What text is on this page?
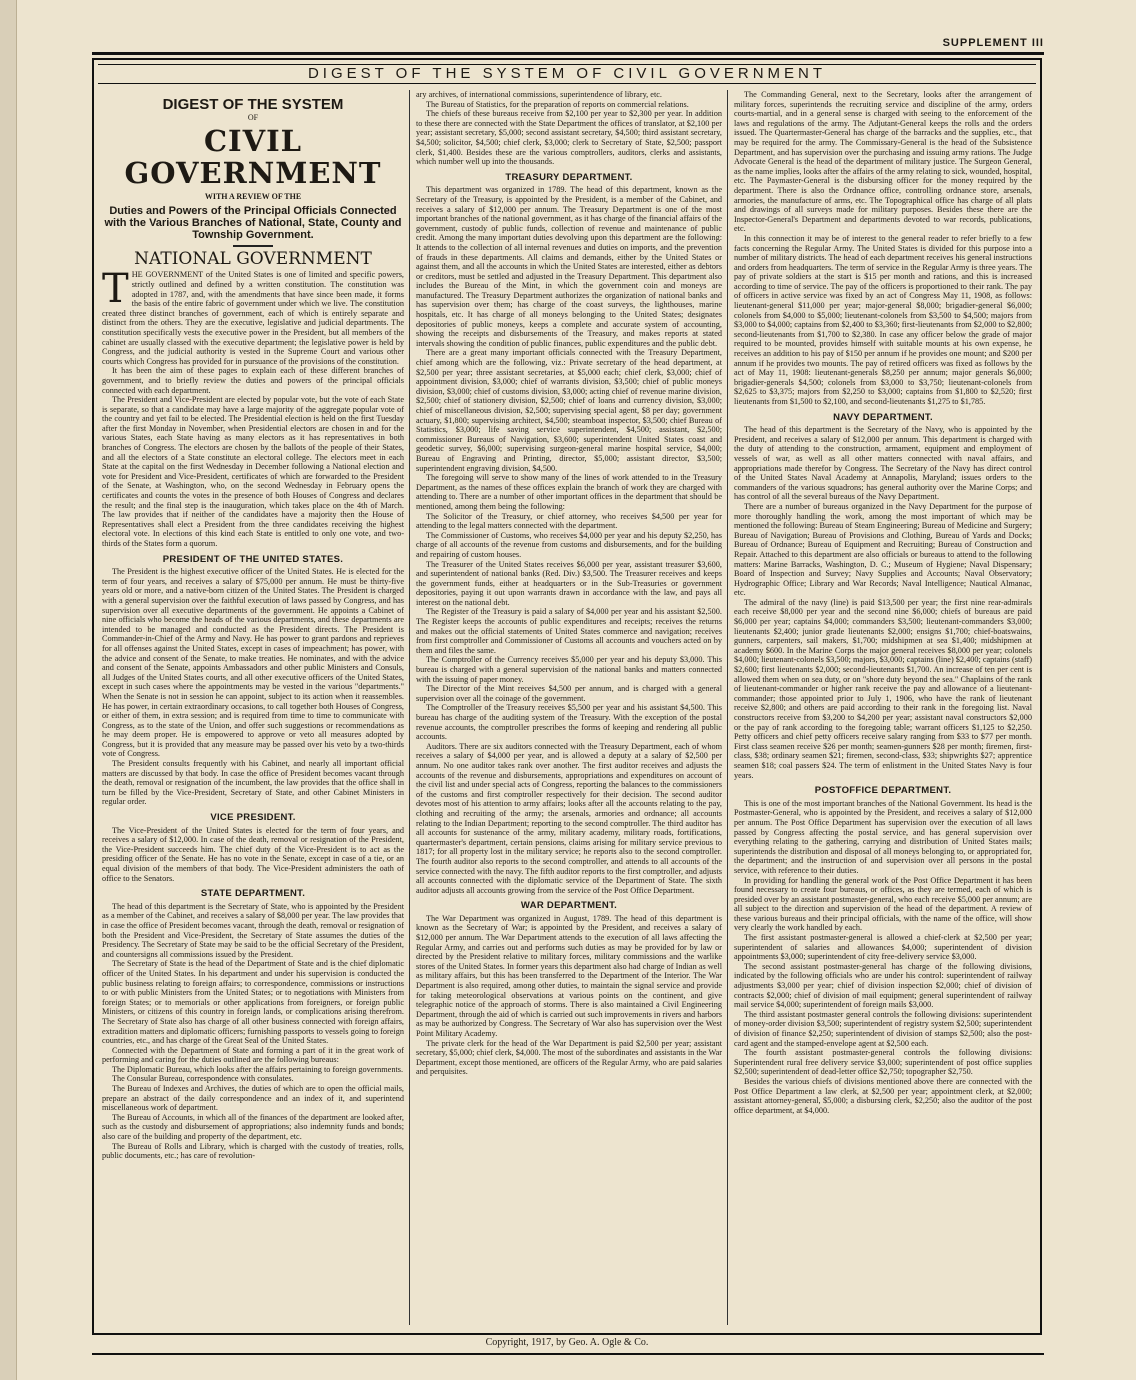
SUPPLEMENT III
DIGEST OF THE SYSTEM OF CIVIL GOVERNMENT
DIGEST OF THE SYSTEM
OF
CIVIL GOVERNMENT
WITH A REVIEW OF THE
Duties and Powers of the Principal Officials Connected with the Various Branches of National, State, County and Township Government.
NATIONAL GOVERNMENT

THE GOVERNMENT of the United States is one of limited and specific powers, strictly outlined and defined by a written constitution. The constitution was adopted in 1787, and, with the amendments that have since been made, it forms the basis of the entire fabric of government under which we live. The constitution created three distinct branches of government, each of which is entirely separate and distinct from the others. They are the executive, legislative and judicial departments. The constitution specifically vests the executive power in the President, but all members of the cabinet are usually classed with the executive department; the legislative power is held by Congress, and the judicial authority is vested in the Supreme Court and various other courts which Congress has provided for in pursuance of the provisions of the constitution.

It has been the aim of these pages to explain each of these different branches of government, and to briefly review the duties and powers of the principal officials connected with each department.

The President and Vice-President are elected by popular vote, but the vote of each State is separate, so that a candidate may have a large majority of the aggregate popular vote of the country and yet fail to be elected. The Presidential election is held on the first Tuesday after the first Monday in November, when Presidential electors are chosen in and for the various States, each State having as many electors as it has representatives in both branches of Congress. The electors are chosen by the ballots of the people of their States, and all the electors of a State constitute an electoral college. The electors meet in each State at the capital on the first Wednesday in December following a National election and vote for President and Vice-President, certificates of which are forwarded to the President of the Senate, at Washington, who, on the second Wednesday in February opens the certificates and counts the votes in the presence of both Houses of Congress and declares the result; and the final step is the inauguration, which takes place on the 4th of March. The law provides that if neither of the candidates have a majority then the House of Representatives shall elect a President from the three candidates receiving the highest electoral vote. In elections of this kind each State is entitled to only one vote, and two-thirds of the States form a quorum.

PRESIDENT OF THE UNITED STATES.

The President is the highest executive officer of the United States. He is elected for the term of four years, and receives a salary of $75,000 per annum. He must be thirty-five years old or more, and a native-born citizen of the United States. The President is charged with a general supervision over the faithful execution of laws passed by Congress, and has supervision over all executive departments of the government. He appoints a Cabinet of nine officials who become the heads of the various departments, and these departments are intended to be managed and conducted as the President directs. The President is Commander-in-Chief of the Army and Navy. He has power to grant pardons and reprieves for all offenses against the United States, except in cases of impeachment; has power, with the advice and consent of the Senate, to make treaties. He nominates, and with the advice and consent of the Senate, appoints Ambassadors and other public Ministers and Consuls, all Judges of the United States courts, and all other executive officers of the United States, except in such cases where the appointments may be vested in the various "departments." When the Senate is not in session he can appoint, subject to its action when it reassembles. He has power, in certain extraordinary occasions, to call together both Houses of Congress, or either of them, in extra session; and is required from time to time to communicate with Congress, as to the state of the Union, and offer such suggestions or recommendations as he may deem proper. He is empowered to approve or veto all measures adopted by Congress, but it is provided that any measure may be passed over his veto by a two-thirds vote of Congress.

The President consults frequently with his Cabinet, and nearly all important official matters are discussed by that body. In case the office of President becomes vacant through the death, removal or resignation of the incumbent, the law provides that the office shall in turn be filled by the Vice-President, Secretary of State, and other Cabinet Ministers in regular order.

VICE PRESIDENT.

The Vice-President of the United States is elected for the term of four years, and receives a salary of $12,000. In case of the death, removal or resignation of the President, the Vice-President succeeds him. The chief duty of the Vice-President is to act as the presiding officer of the Senate. He has no vote in the Senate, except in case of a tie, or an equal division of the members of that body. The Vice-President administers the oath of office to the Senators.

STATE DEPARTMENT.

The head of this department is the Secretary of State, who is appointed by the President as a member of the Cabinet, and receives a salary of $8,000 per year. The law provides that in case the office of President becomes vacant, through the death, removal or resignation of both the President and Vice-President, the Secretary of State assumes the duties of the Presidency. The Secretary of State may be said to be the official Secretary of the President, and countersigns all commissions issued by the President.

The Secretary of State is the head of the Department of State and is the chief diplomatic officer of the United States. In his department and under his supervision is conducted the public business relating to foreign affairs; to correspondence, commissions or instructions to or with public Ministers from the United States; or to negotiations with Ministers from foreign States; or to memorials or other applications from foreigners, or foreign public Ministers, or citizens of this country in foreign lands, or complications arising therefrom. The Secretary of State also has charge of all other business connected with foreign affairs, extradition matters and diplomatic officers; furnishing passports to vessels going to foreign countries, etc., and has charge of the Great Seal of the United States.

Connected with the Department of State and forming a part of it in the great work of performing and caring for the duties outlined are the following bureaus:

The Diplomatic Bureau, which looks after the affairs pertaining to foreign governments.

The Consular Bureau, correspondence with consulates.

The Bureau of Indexes and Archives, the duties of which are to open the official mails, prepare an abstract of the daily correspondence and an index of it, and superintend miscellaneous work of department.

The Bureau of Accounts, in which all of the finances of the department are looked after, such as the custody and disbursement of appropriations; also indemnity funds and bonds; also care of the building and property of the department, etc.

The Bureau of Rolls and Library, which is charged with the custody of treaties, rolls, public documents, etc.; has care of revolution-

ary archives, of international commissions, superintendence of library, etc.

The Bureau of Statistics, for the preparation of reports on commercial relations.

The chiefs of these bureaus receive from $2,100 per year to $2,300 per year. In addition to these there are connected with the State Department the offices of translator, at $2,100 per year; assistant secretary, $5,000; second assistant secretary, $4,500; third assistant secretary, $4,500; solicitor, $4,500; chief clerk, $3,000; clerk to Secretary of State, $2,500; passport clerk, $1,400. Besides these are the various comptrollers, auditors, clerks and assistants, which number well up into the thousands.

TREASURY DEPARTMENT.

This department was organized in 1789. The head of this department, known as the Secretary of the Treasury, is appointed by the President, is a member of the Cabinet, and receives a salary of $12,000 per annum. The Treasury Department is one of the most important branches of the national government, as it has charge of the financial affairs of the government, custody of public funds, collection of revenue and maintenance of public credit. Among the many important duties devolving upon this department are the following: It attends to the collection of all internal revenues and duties on imports, and the prevention of frauds in these departments. All claims and demands, either by the United States or against them, and all the accounts in which the United States are interested, either as debtors or creditors, must be settled and adjusted in the Treasury Department. This department also includes the Bureau of the Mint, in which the government coin and moneys are manufactured. The Treasury Department authorizes the organization of national banks and has supervision over them; has charge of the coast surveys, the lighthouses, marine hospitals, etc. It has charge of all moneys belonging to the United States; designates depositories of public moneys, keeps a complete and accurate system of accounting, showing the receipts and disbursements of the Treasury, and makes reports at stated intervals showing the condition of public finances, public expenditures and the public debt.

There are a great many important officials connected with the Treasury Department, chief among which are the following, viz.: Private secretary of the head department, at $2,500 per year; three assistant secretaries, at $5,000 each; chief clerk, $3,000; chief of appointment division, $3,000; chief of warrants division, $3,500; chief of public moneys division, $3,000; chief of customs division, $3,000; acting chief of revenue marine division, $2,500; chief of stationery division, $2,500; chief of loans and currency division, $3,000; chief of miscellaneous division, $2,500; supervising special agent, $8 per day; government actuary, $1,800; supervising architect, $4,500; steamboat inspector, $3,500; chief Bureau of Statistics, $3,000; life saving service superintendent, $4,500; assistant, $2,500; commissioner Bureaus of Navigation, $3,600; superintendent United States coast and geodetic survey, $6,000; supervising surgeon-general marine hospital service, $4,000; Bureau of Engraving and Printing, director, $5,000; assistant director, $3,500; superintendent engraving division, $4,500.

The foregoing will serve to show many of the lines of work attended to in the Treasury Department, as the names of these offices explain the branch of work they are charged with attending to. There are a number of other important offices in the department that should be mentioned, among them being the following:

The Solicitor of the Treasury, or chief attorney, who receives $4,500 per year for attending to the legal matters connected with the department.

The Commissioner of Customs, who receives $4,000 per year and his deputy $2,250, has charge of all accounts of the revenue from customs and disbursements, and for the building and repairing of custom houses.

The Treasurer of the United States receives $6,000 per year, assistant treasurer $3,600, and superintendent of national banks (Red. Div.) $3,500. The Treasurer receives and keeps the government funds, either at headquarters or in the Sub-Treasuries or government depositories, paying it out upon warrants drawn in accordance with the law, and pays all interest on the national debt.

The Register of the Treasury is paid a salary of $4,000 per year and his assistant $2,500. The Register keeps the accounts of public expenditures and receipts; receives the returns and makes out the official statements of United States commerce and navigation; receives from first comptroller and Commissioner of Customs all accounts and vouchers acted on by them and files the same.

The Comptroller of the Currency receives $5,000 per year and his deputy $3,000. This bureau is charged with a general supervision of the national banks and matters connected with the issuing of paper money.

The Director of the Mint receives $4,500 per annum, and is charged with a general supervision over all the coinage of the government.

The Comptroller of the Treasury receives $5,500 per year and his assistant $4,500. This bureau has charge of the auditing system of the Treasury. With the exception of the postal revenue accounts, the comptroller prescribes the forms of keeping and rendering all public accounts.

Auditors. There are six auditors connected with the Treasury Department, each of whom receives a salary of $4,000 per year, and is allowed a deputy at a salary of $2,500 per annum. No one auditor takes rank over another. The first auditor receives and adjusts the accounts of the revenue and disbursements, appropriations and expenditures on account of the civil list and under special acts of Congress, reporting the balances to the commissioners of the customs and first comptroller respectively for their decision. The second auditor devotes most of his attention to army affairs; looks after all the accounts relating to the pay, clothing and recruiting of the army; the arsenals, armories and ordnance; all accounts relating to the Indian Department; reporting to the second comptroller. The third auditor has all accounts for sustenance of the army, military academy, military roads, fortifications, quartermaster's department, certain pensions, claims arising for military service previous to 1817; for all property lost in the military service; he reports also to the second comptroller. The fourth auditor also reports to the second comptroller, and attends to all accounts of the service connected with the navy. The fifth auditor reports to the first comptroller, and adjusts all accounts connected with the diplomatic service of the Department of State. The sixth auditor adjusts all accounts growing from the service of the Post Office Department.

WAR DEPARTMENT.

The War Department was organized in August, 1789. The head of this department is known as the Secretary of War; is appointed by the President, and receives a salary of $12,000 per annum. The War Department attends to the execution of all laws affecting the Regular Army, and carries out and performs such duties as may be provided for by law or directed by the President relative to military forces, military commissions and the warlike stores of the United States. In former years this department also had charge of Indian as well as military affairs, but this has been transferred to the Department of the Interior. The War Department is also required, among other duties, to maintain the signal service and provide for taking meteorological observations at various points on the continent, and give telegraphic notice of the approach of storms. There is also maintained a Civil Engineering Department, through the aid of which is carried out such improvements in rivers and harbors as may be authorized by Congress. The Secretary of War also has supervision over the West Point Military Academy.

The private clerk for the head of the War Department is paid $2,500 per year; assistant secretary, $5,000; chief clerk, $4,000. The most of the subordinates and assistants in the War Department, except those mentioned, are officers of the Regular Army, who are paid salaries and perquisites.

The Commanding General, next to the Secretary, looks after the arrangement of military forces, superintends the recruiting service and discipline of the army, orders courts-martial, and in a general sense is charged with seeing to the enforcement of the laws and regulations of the army. The Adjutant-General keeps the rolls and the orders issued. The Quartermaster-General has charge of the barracks and the supplies, etc., that may be required for the army. The Commissary-General is the head of the Subsistence Department, and has supervision over the purchasing and issuing army rations. The Judge Advocate General is the head of the department of military justice. The Surgeon General, as the name implies, looks after the affairs of the army relating to sick, wounded, hospital, etc. The Paymaster-General is the disbursing officer for the money required by the department. There is also the Ordnance office, controlling ordnance store, arsenals, armories, the manufacture of arms, etc. The Topographical office has charge of all plats and drawings of all surveys made for military purposes. Besides these there are the Inspector-General's Department and departments devoted to war records, publications, etc.

In this connection it may be of interest to the general reader to refer briefly to a few facts concerning the Regular Army. The United States is divided for this purpose into a number of military districts. The head of each department receives his general instructions and orders from headquarters. The term of service in the Regular Army is three years. The pay of private soldiers at the start is $15 per month and rations, and this is increased according to time of service. The pay of the officers is proportioned to their rank. The pay of officers in active service was fixed by an act of Congress May 11, 1908, as follows: lieutenant-general $11,000 per year; major-general $8,000; brigadier-general $6,000; colonels from $4,000 to $5,000; lieutenant-colonels from $3,500 to $4,500; majors from $3,000 to $4,000; captains from $2,400 to $3,360; first-lieutenants from $2,000 to $2,800; second-lieutenants from $1,700 to $2,380. In case any officer below the grade of major required to be mounted, provides himself with suitable mounts at his own expense, he receives an addition to his pay of $150 per annum if he provides one mount; and $200 per annum if he provides two mounts. The pay of retired officers was fixed as follows by the act of May 11, 1908: lieutenant-generals $8,250 per annum; major generals $6,000; brigadier-generals $4,500; colonels from $3,000 to $3,750; lieutenant-colonels from $2,625 to $3,375; majors from $2,250 to $3,000; captains from $1,800 to $2,520; first lieutenants from $1,500 to $2,100, and second-lieutenants $1,275 to $1,785.

NAVY DEPARTMENT.

The head of this department is the Secretary of the Navy, who is appointed by the President, and receives a salary of $12,000 per annum. This department is charged with the duty of attending to the construction, armament, equipment and employment of vessels of war, as well as all other matters connected with naval affairs, and appropriations made therefor by Congress. The Secretary of the Navy has direct control of the United States Naval Academy at Annapolis, Maryland; issues orders to the commanders of the various squadrons; has general authority over the Marine Corps; and has control of all the several bureaus of the Navy Department.

There are a number of bureaus organized in the Navy Department for the purpose of more thoroughly handling the work, among the most important of which may be mentioned the following: Bureau of Steam Engineering; Bureau of Medicine and Surgery; Bureau of Navigation; Bureau of Provisions and Clothing, Bureau of Yards and Docks; Bureau of Ordnance; Bureau of Equipment and Recruiting; Bureau of Construction and Repair. Attached to this department are also officials or bureaus to attend to the following matters: Marine Barracks, Washington, D. C.; Museum of Hygiene; Naval Dispensary; Board of Inspection and Survey; Navy Supplies and Accounts; Naval Observatory; Hydrographic Office; Library and War Records; Naval Intelligence; Nautical Almanac, etc.

The admiral of the navy (line) is paid $13,500 per year; the first nine rear-admirals each receive $8,000 per year and the second nine $6,000; chiefs of bureaus are paid $6,000 per year; captains $4,000; commanders $3,500; lieutenant-commanders $3,000; lieutenants $2,400; junior grade lieutenants $2,000; ensigns $1,700; chief-boatswains, gunners, carpenters, sail makers, $1,700; midshipmen at sea $1,400; midshipmen at academy $600. In the Marine Corps the major general receives $8,000 per year; colonels $4,000; lieutenant-colonels $3,500; majors, $3,000; captains (line) $2,400; captains (staff) $2,600; first lieutenants $2,000; second-lieutenants $1,700. An increase of ten per cent is allowed them when on sea duty, or on "shore duty beyond the sea." Chaplains of the rank of lieutenant-commander or higher rank receive the pay and allowance of a lieutenant-commander; those appointed prior to July 1, 1906, who have the rank of lieutenant receive $2,800; and others are paid according to their rank in the foregoing list. Naval constructors receive from $3,200 to $4,200 per year; assistant naval constructors $2,000 or the pay of rank according to the foregoing table; warrant officers $1,125 to $2,250. Petty officers and chief petty officers receive salary ranging from $33 to $77 per month. First class seamen receive $26 per month; seamen-gunners $28 per month; firemen, first-class, $38; ordinary seamen $21; firemen, second-class, $33; shipwrights $27; apprentice seamen $18; coal passers $24. The term of enlistment in the United States Navy is four years.

POSTOFFICE DEPARTMENT.

This is one of the most important branches of the National Government. Its head is the Postmaster-General, who is appointed by the President, and receives a salary of $12,000 per annum. The Post Office Department has supervision over the execution of all laws passed by Congress affecting the postal service, and has general supervision over everything relating to the gathering, carrying and distribution of United States mails; superintends the distribution and disposal of all moneys belonging to, or appropriated for, the department; and the instruction of and supervision over all persons in the postal service, with reference to their duties.

In providing for handling the general work of the Post Office Department it has been found necessary to create four bureaus, or offices, as they are termed, each of which is presided over by an assistant postmaster-general, who each receive $5,000 per annum; are all subject to the direction and supervision of the head of the department. A review of these various bureaus and their principal officials, with the name of the office, will show very clearly the work handled by each.

The first assistant postmaster-general is allowed a chief-clerk at $2,500 per year; superintendent of salaries and allowances $4,000; superintendent of division appointments $3,000; superintendent of city free-delivery service $3,000.

The second assistant postmaster-general has charge of the following divisions, indicated by the following officials who are under his control: superintendent of railway adjustments $3,000 per year; chief of division inspection $2,000; chief of division of contracts $2,000; chief of division of mail equipment; general superintendent of railway mail service $4,000; superintendent of foreign mails $3,000.

The third assistant postmaster general controls the following divisions: superintendent of money-order division $3,500; superintendent of registry system $2,500; superintendent of division of finance $2,250; superintendent of division of stamps $2,500; also the post-card agent and the stamped-envelope agent at $2,500 each.

The fourth assistant postmaster-general controls the following divisions: Superintendent rural free delivery service $3,000; superintendent of post office supplies $2,500; superintendent of dead-letter office $2,750; topographer $2,750.

Besides the various chiefs of divisions mentioned above there are connected with the Post Office Department a law clerk, at $2,500 per year; appointment clerk, at $2,000; assistant attorney-general, $5,000; a disbursing clerk, $2,250; also the auditor of the post office department, at $4,000.

Copyright, 1917, by Geo. A. Ogle & Co.
